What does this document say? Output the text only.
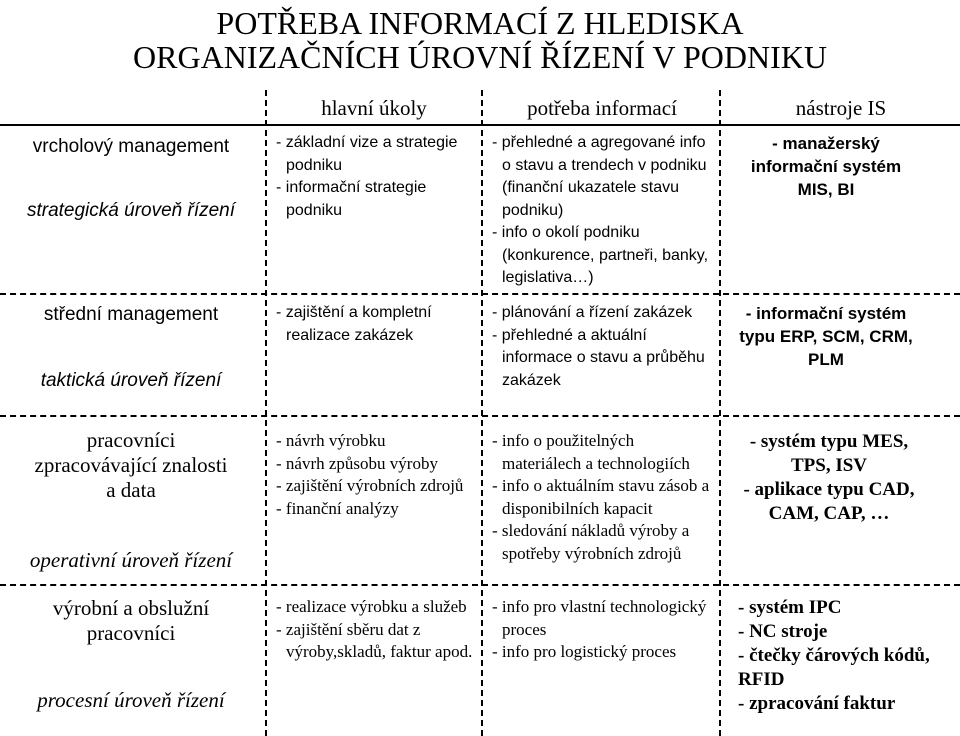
POTŘEBA INFORMACÍ Z HLEDISKA
ORGANIZAČNÍCH ÚROVNÍ ŘÍZENÍ V PODNIKU
hlavní úkoly	potřeba informací	nástroje IS
vrcholový management
strategická úroveň řízení
- základní vize a strategie podniku
- informační strategie podniku
- přehledné a agregované info o stavu a trendech v podniku (finanční ukazatele stavu podniku)
- info o okolí podniku (konkurence, partneři, banky, legislativa…)
- manažerský informační systém MIS, BI
střední management
taktická úroveň řízení
- zajištění a kompletní realizace zakázek
- plánování a řízení zakázek
- přehledné a aktuální informace o stavu a průběhu zakázek
- informační systém typu ERP, SCM, CRM, PLM
pracovníci
zpracovávající znalosti
a data
operativní úroveň řízení
- návrh výrobku
- návrh způsobu výroby
- zajištění výrobních zdrojů
- finanční analýzy
- info o použitelných materiálech a technologiích
- info o aktuálním stavu zásob a disponibilních kapacit
- sledování nákladů výroby a spotřeby výrobních zdrojů
- systém typu MES, TPS, ISV
- aplikace typu CAD, CAM, CAP, …
výrobní a obslužní
pracovníci
procesní úroveň řízení
- realizace výrobku a služeb
- zajištění sběru dat z výroby,skladů, faktur apod.
- info pro vlastní technologický proces
- info pro logistický proces
- systém IPC
- NC stroje
- čtečky čárových kódů, RFID
- zpracování faktur
